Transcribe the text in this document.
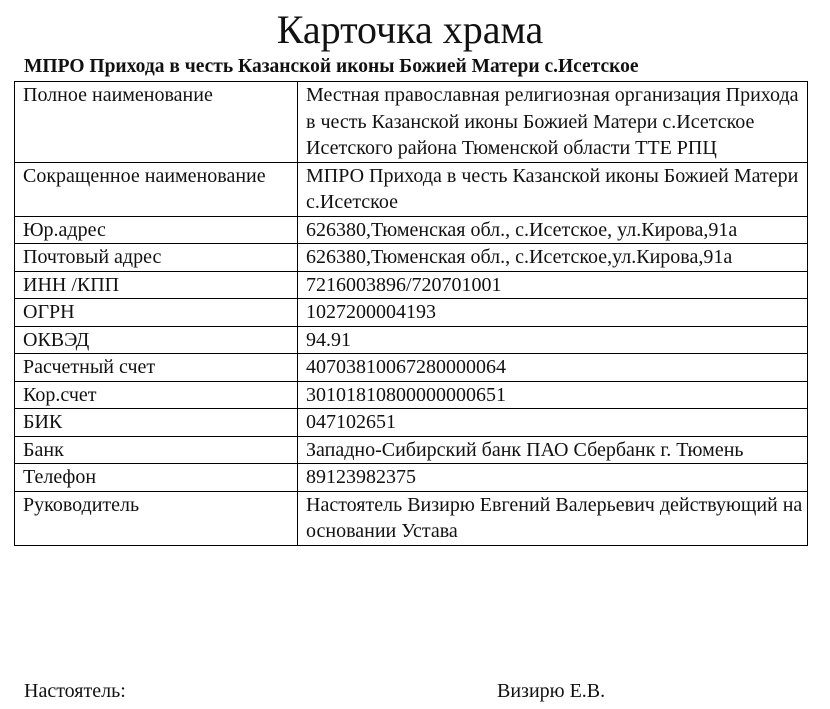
Карточка храма
МПРО Прихода в честь Казанской иконы Божией Матери с.Исетское
Полное наименование	Местная православная религиозная организация Прихода в честь Казанской иконы Божией Матери с.Исетское Исетского района Тюменской области ТТЕ РПЦ
Сокращенное наименование	МПРО Прихода в честь Казанской иконы Божией Матери с.Исетское
Юр.адрес	626380,Тюменская обл., с.Исетское, ул.Кирова,91а
Почтовый адрес	626380,Тюменская обл., с.Исетское,ул.Кирова,91а
ИНН /КПП	7216003896/720701001
ОГРН	1027200004193
ОКВЭД	94.91
Расчетный счет	40703810067280000064
Кор.счет	30101810800000000651
БИК	047102651
Банк	Западно-Сибирский банк ПАО Сбербанк г. Тюмень
Телефон	89123982375
Руководитель	Настоятель Визирю Евгений Валерьевич действующий на основании Устава
Настоятель:	Визирю Е.В.
